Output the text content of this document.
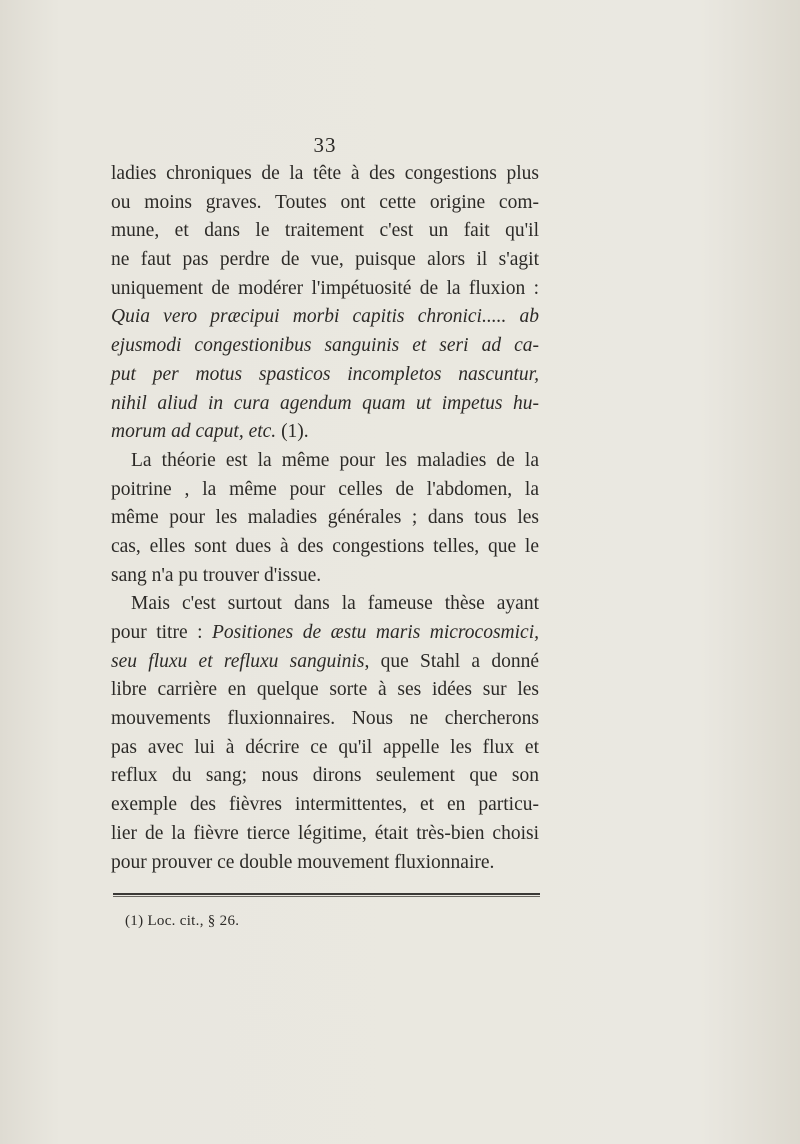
33
ladies chroniques de la tête à des congestions plus
ou moins graves. Toutes ont cette origine com-
mune, et dans le traitement c'est un fait qu'il
ne faut pas perdre de vue, puisque alors il s'agit
uniquement de modérer l'impétuosité de la fluxion :
Quia vero præcipui morbi capitis chronici..... ab
ejusmodi congestionibus sanguinis et seri ad ca-
put per motus spasticos incompletos nascuntur,
nihil aliud in cura agendum quam ut impetus hu-
morum ad caput, etc. (1).
La théorie est la même pour les maladies de la
poitrine , la même pour celles de l'abdomen, la
même pour les maladies générales ; dans tous les
cas, elles sont dues à des congestions telles, que le
sang n'a pu trouver d'issue.
Mais c'est surtout dans la fameuse thèse ayant
pour titre : Positiones de æstu maris microcosmici,
seu fluxu et refluxu sanguinis, que Stahl a donné
libre carrière en quelque sorte à ses idées sur les
mouvements fluxionnaires. Nous ne chercherons
pas avec lui à décrire ce qu'il appelle les flux et
reflux du sang; nous dirons seulement que son
exemple des fièvres intermittentes, et en particu-
lier de la fièvre tierce légitime, était très-bien choisi
pour prouver ce double mouvement fluxionnaire.
(1) Loc. cit., § 26.
